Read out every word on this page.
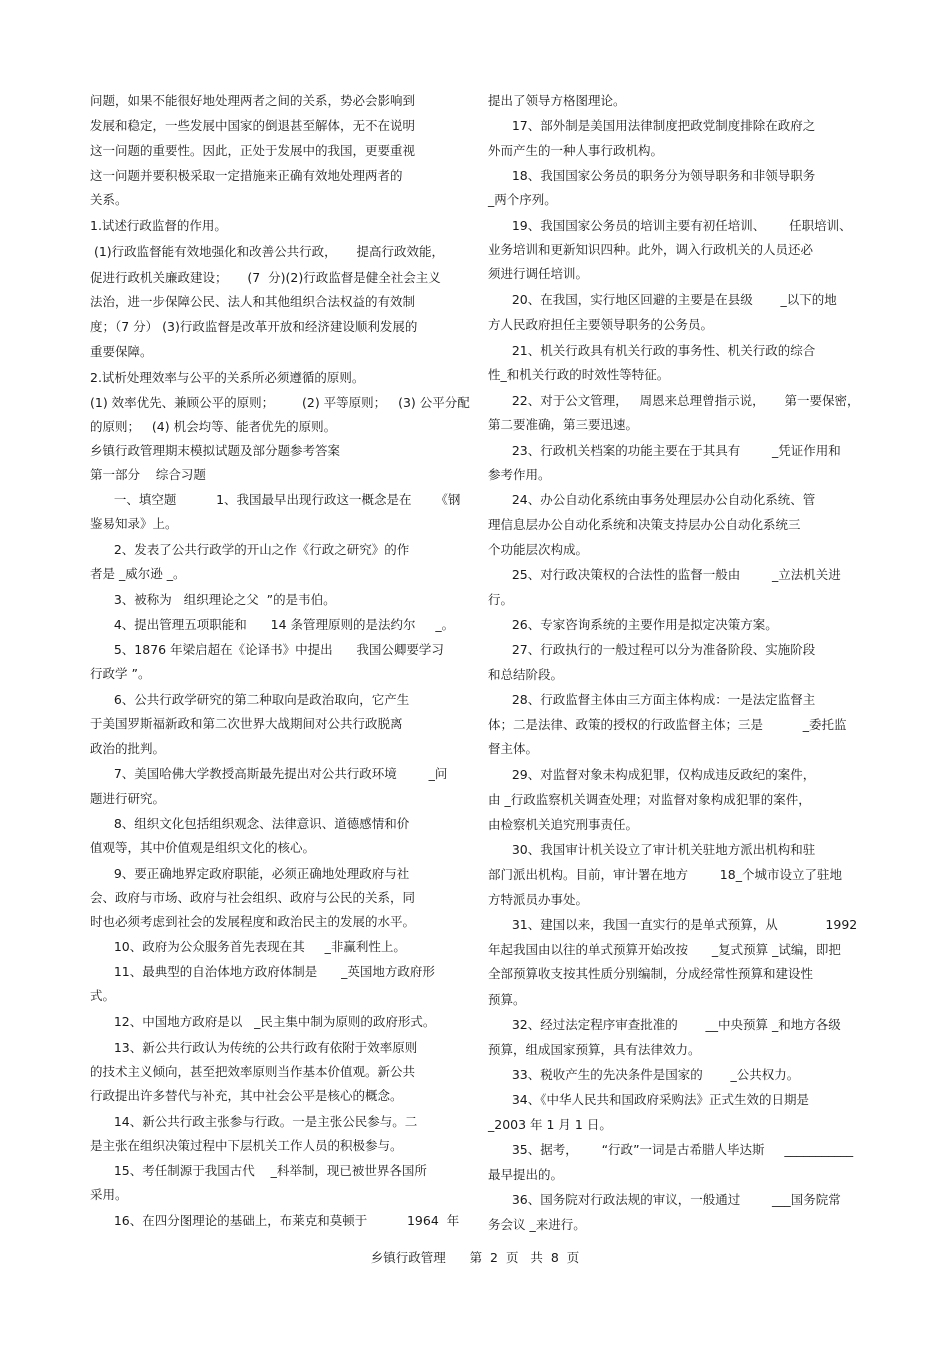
问题，如果不能很好地处理两者之间的关系，势必会影响到
发展和稳定，一些发展中国家的倒退甚至解体，无不在说明
这一问题的重要性。因此，正处于发展中的我国，更要重视
这一问题并要积极采取一定措施来正确有效地处理两者的
关系。
1.试述行政监督的作用。
(1)行政监督能有效地强化和改善公共行政，     提高行政效能，
促进行政机关廉政建设；     (7  分)(2)行政监督是健全社会主义
法治，进一步保障公民、法人和其他组织合法权益的有效制
度；（7 分） (3)行政监督是改革开放和经济建设顺利发展的
重要保障。
2.试析处理效率与公平的关系所必须遵循的原则。
(1) 效率优先、兼顾公平的原则；       (2) 平等原则；   (3) 公平分配
的原则；   (4) 机会均等、能者优先的原则。
乡镇行政管理期末模拟试题及部分题参考答案
第一部分    综合习题
一、填空题          1、我国最早出现行政这一概念是在      《钢
鉴易知录》上。
2、发表了公共行政学的开山之作《行政之研究》的作
者是 _威尔逊 _。
3、被称为   组织理论之父  ”的是韦伯。
4、提出管理五项职能和      14 条管理原则的是法约尔     _。
5、1876 年梁启超在《论译书》中提出      我国公卿要学习
行政学 ”。
6、公共行政学研究的第二种取向是政治取向，它产生
于美国罗斯福新政和第二次世界大战期间对公共行政脱离
政治的批判。
7、美国哈佛大学教授高斯最先提出对公共行政环境        _问
题进行研究。
8、组织文化包括组织观念、法律意识、道德感情和价
值观等，其中价值观是组织文化的核心。
9、要正确地界定政府职能，必须正确地处理政府与社
会、政府与市场、政府与社会组织、政府与公民的关系，同
时也必须考虑到社会的发展程度和政治民主的发展的水平。
10、政府为公众服务首先表现在其     _非赢利性上。
11、最典型的自治体地方政府体制是      _英国地方政府形
式。
12、中国地方政府是以   _民主集中制为原则的政府形式。
13、新公共行政认为传统的公共行政有依附于效率原则
的技术主义倾向，甚至把效率原则当作基本价值观。新公共
行政提出许多替代与补充，其中社会公平是核心的概念。
14、新公共行政主张参与行政。一是主张公民参与。二
是主张在组织决策过程中下层机关工作人员的积极参与。
15、考任制源于我国古代    _科举制，现已被世界各国所
采用。
16、在四分图理论的基础上，布莱克和莫顿于          1964  年
提出了领导方格图理论。
17、部外制是美国用法律制度把政党制度排除在政府之
外而产生的一种人事行政机构。
18、我国国家公务员的职务分为领导职务和非领导职务
_两个序列。
19、我国国家公务员的培训主要有初任培训、      任职培训、
业务培训和更新知识四种。此外，调入行政机关的人员还必
须进行调任培训。
20、在我国，实行地区回避的主要是在县级       _以下的地
方人民政府担任主要领导职务的公务员。
21、机关行政具有机关行政的事务性、机关行政的综合
性_和机关行政的时效性等特征。
22、对于公文管理，   周恩来总理曾指示说，     第一要保密，
第二要准确，第三要迅速。
23、行政机关档案的功能主要在于其具有        _凭证作用和
参考作用。
24、办公自动化系统由事务处理层办公自动化系统、管
理信息层办公自动化系统和决策支持层办公自动化系统三
个功能层次构成。
25、对行政决策权的合法性的监督一般由        _立法机关进
行。
26、专家咨询系统的主要作用是拟定决策方案。
27、行政执行的一般过程可以分为准备阶段、实施阶段
和总结阶段。
28、行政监督主体由三方面主体构成：一是法定监督主
体；二是法律、政策的授权的行政监督主体；三是          _委托监
督主体。
29、对监督对象未构成犯罪，仅构成违反政纪的案件，
由 _行政监察机关调查处理；对监督对象构成犯罪的案件，
由检察机关追究刑事责任。
30、我国审计机关设立了审计机关驻地方派出机构和驻
部门派出机构。目前，审计署在地方        18_个城市设立了驻地
方特派员办事处。
31、建国以来，我国一直实行的是单式预算，从            1992
年起我国由以往的单式预算开始改按      _复式预算 _试编，即把
全部预算收支按其性质分别编制，分成经常性预算和建设性
预算。
32、经过法定程序审查批准的       __中央预算 _和地方各级
预算，组成国家预算，具有法律效力。
33、税收产生的先决条件是国家的       _公共权力。
34、《中华人民共和国政府采购法》正式生效的日期是
_2003 年 1 月 1 日。
35、据考，      “行政”一词是古希腊人毕达斯     ___________
最早提出的。
36、国务院对行政法规的审议，一般通过        ___国务院常
务会议 _来进行。
乡镇行政管理      第  2  页   共  8  页
